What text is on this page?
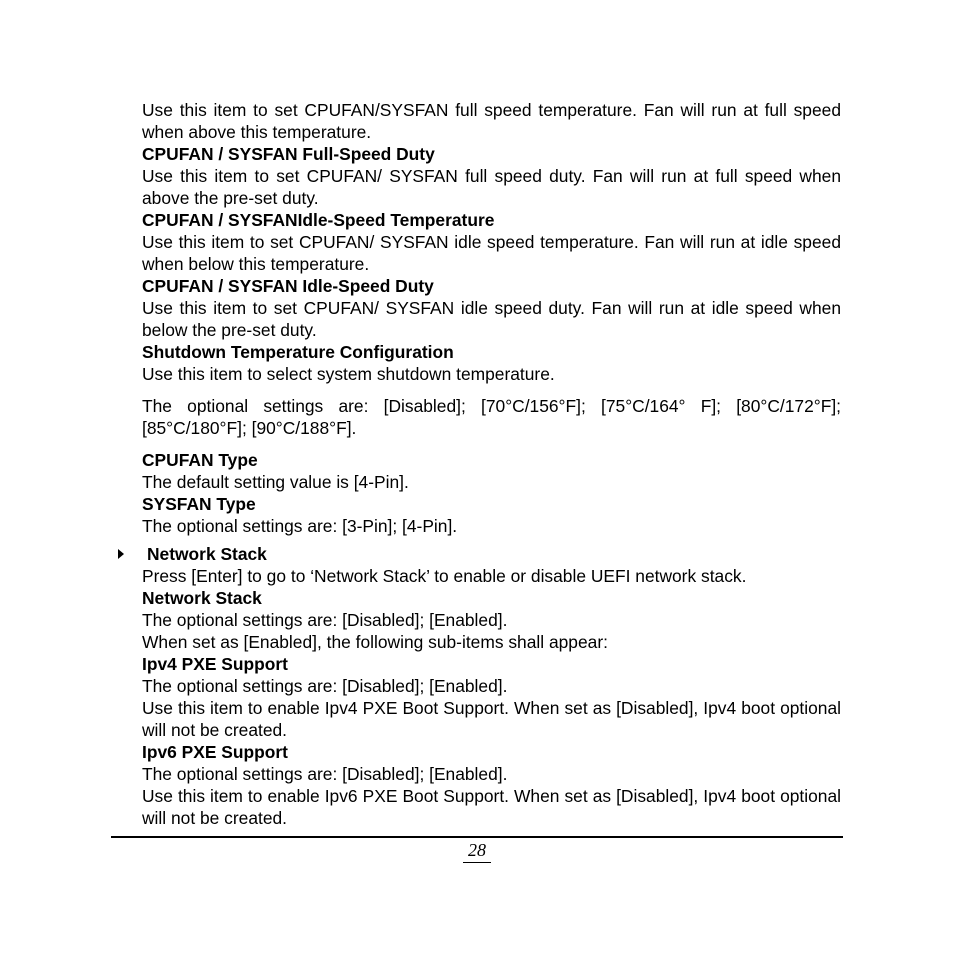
Use this item to set CPUFAN/SYSFAN full speed temperature. Fan will run at full speed when above this temperature.

CPUFAN / SYSFAN Full-Speed Duty

Use this item to set CPUFAN/ SYSFAN full speed duty. Fan will run at full speed when above the pre-set duty.

CPUFAN / SYSFANIdle-Speed Temperature

Use this item to set CPUFAN/ SYSFAN idle speed temperature. Fan will run at idle speed when below this temperature.

CPUFAN / SYSFAN Idle-Speed Duty

Use this item to set CPUFAN/ SYSFAN idle speed duty. Fan will run at idle speed when below the pre-set duty.

Shutdown Temperature Configuration

Use this item to select system shutdown temperature.

The optional settings are: [Disabled]; [70°C/156°F]; [75°C/164° F]; [80°C/172°F]; [85°C/180°F]; [90°C/188°F].

CPUFAN Type

The default setting value is [4-Pin].

SYSFAN Type

The optional settings are: [3-Pin]; [4-Pin].

Network Stack

Press [Enter] to go to ‘Network Stack’ to enable or disable UEFI network stack.

Network Stack

The optional settings are: [Disabled]; [Enabled].

When set as [Enabled], the following sub-items shall appear:

Ipv4 PXE Support

The optional settings are: [Disabled]; [Enabled].

Use this item to enable Ipv4 PXE Boot Support. When set as [Disabled], Ipv4 boot optional will not be created.

Ipv6 PXE Support

The optional settings are: [Disabled]; [Enabled].

Use this item to enable Ipv6 PXE Boot Support. When set as [Disabled], Ipv4 boot optional will not be created.

28
